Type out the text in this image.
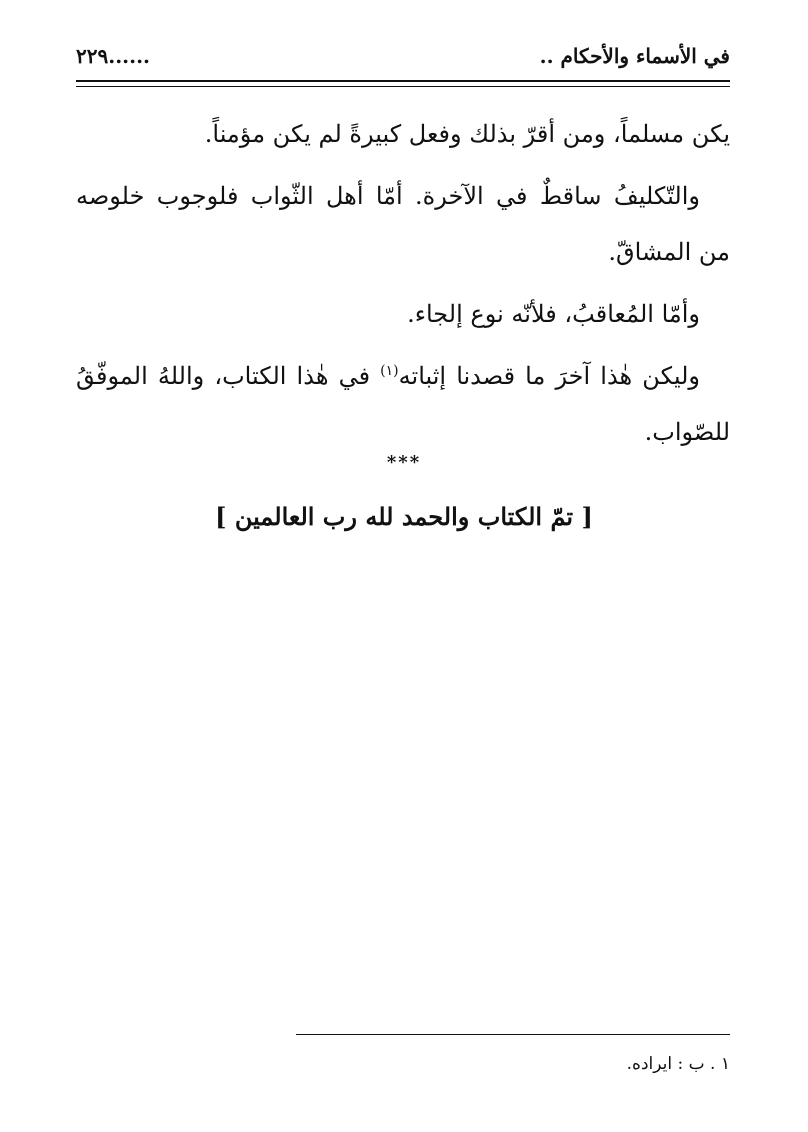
في الأسماء والأحكام ..
......٢٢٩

يكن مسلماً، ومن أقرّ بذلك وفعل كبيرةً لم يكن مؤمناً.

والتّكليفُ ساقطٌ في الآخرة. أمّا أهل الثّواب فلوجوب خلوصه من المشاقّ.

وأمّا المُعاقبُ، فلأنّه نوع إلجاء.

وليكن هٰذا آخرَ ما قصدنا إثباته$^{(١)}$ في هٰذا الكتاب، واللهُ الموفّقُ للصّواب.

***
[ تمّ الكتاب والحمد لله رب العالمين ]
١ . ب : ايراده.
